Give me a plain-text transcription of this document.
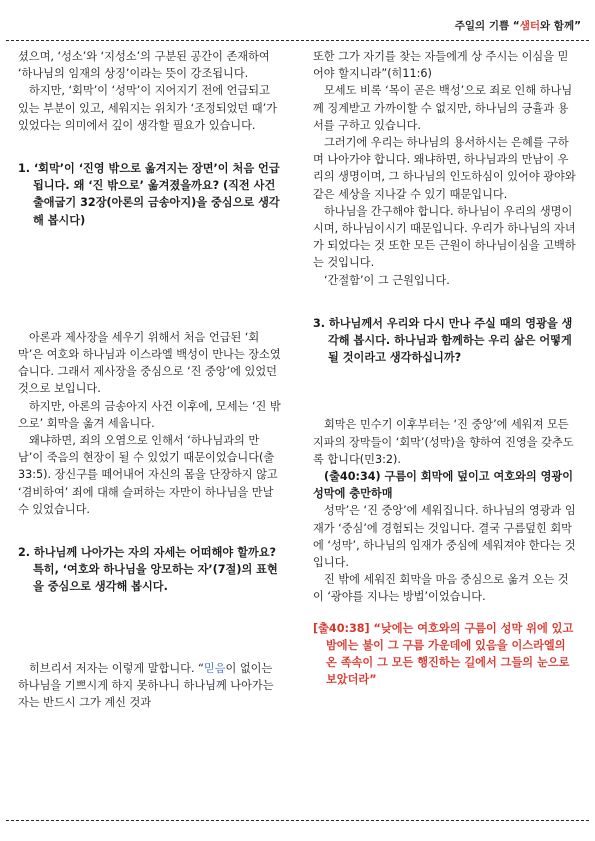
주일의 기쁨 “샘터와 함께”

셨으며, ‘성소’와 ‘지성소’의 구분된 공간이 존재하여 ‘하나님의 임재의 상징’이라는 뜻이 강조됩니다.

하지만, ‘회막’이 ‘성막’이 지어지기 전에 언급되고 있는 부분이 있고, 세워지는 위치가 ‘조정되었던 때’가 있었다는 의미에서 깊이 생각할 필요가 있습니다.

1. ‘회막’이 ‘진영 밖으로 옮겨지는 장면’이 처음 언급됩니다. 왜 ‘진 밖으로’ 옮겨졌을까요? (직전 사건 출애굽기 32장(아론의 금송아지)을 중심으로 생각해 봅시다)

아론과 제사장을 세우기 위해서 처음 언급된 ‘회막’은 여호와 하나님과 이스라엘 백성이 만나는 장소였습니다. 그래서 제사장을 중심으로 ‘진 중앙’에 있었던 것으로 보입니다.

하지만, 아론의 금송아지 사건 이후에, 모세는 ‘진 밖으로’ 회막을 옮겨 세웁니다.

왜냐하면, 죄의 오염으로 인해서 ‘하나님과의 만남’이 죽음의 현장이 될 수 있었기 때문이었습니다(출33:5). 장신구를 떼어내어 자신의 몸을 단장하지 않고 ‘겸비하여’ 죄에 대해 슬퍼하는 자만이 하나님을 만날 수 있었습니다.

2. 하나님께 나아가는 자의 자세는 어떠해야 할까요? 특히, ‘여호와 하나님을 앙모하는 자’(7절)의 표현을 중심으로 생각해 봅시다.

히브리서 저자는 이렇게 말합니다. “믿음이 없이는 하나님을 기쁘시게 하지 못하나니 하나님께 나아가는 자는 반드시 그가 계신 것과

또한 그가 자기를 찾는 자들에게 상 주시는 이심을 믿어야 할지니라”(히11:6)

모세도 비록 ‘목이 곧은 백성’으로 죄로 인해 하나님께 징계받고 가까이할 수 없지만, 하나님의 긍휼과 용서를 구하고 있습니다.

그러기에 우리는 하나님의 용서하시는 은혜를 구하며 나아가야 합니다. 왜냐하면, 하나님과의 만남이 우리의 생명이며, 그 하나님의 인도하심이 있어야 광야와 같은 세상을 지나갈 수 있기 때문입니다.

하나님을 간구해야 합니다. 하나님이 우리의 생명이시며, 하나님이시기 때문입니다. 우리가 하나님의 자녀가 되었다는 것 또한 모든 근원이 하나님이심을 고백하는 것입니다.

‘간절함’이 그 근원입니다.

3. 하나님께서 우리와 다시 만나 주실 때의 영광을 생각해 봅시다. 하나님과 함께하는 우리 삶은 어떻게 될 것이라고 생각하십니까?

회막은 민수기 이후부터는 ‘진 중앙’에 세워져 모든 지파의 장막들이 ‘회막’(성막)을 향하여 진영을 갖추도록 합니다(민3:2).

(출40:34) 구름이 회막에 덮이고 여호와의 영광이 성막에 충만하매

성막’은 ‘진 중앙’에 세워집니다. 하나님의 영광과 임재가 ‘중심’에 경험되는 것입니다. 결국 구름덮힌 회막에 ‘성막’, 하나님의 임재가 중심에 세워져야 한다는 것입니다.

진 밖에 세워진 회막을 마음 중심으로 옮겨 오는 것이 ‘광야를 지나는 방법’이었습니다.

[출40:38] “낮에는 여호와의 구름이 성막 위에 있고 밤에는 불이 그 구름 가운데에 있음을 이스라엘의 온 족속이 그 모든 행진하는 길에서 그들의 눈으로 보았더라”
